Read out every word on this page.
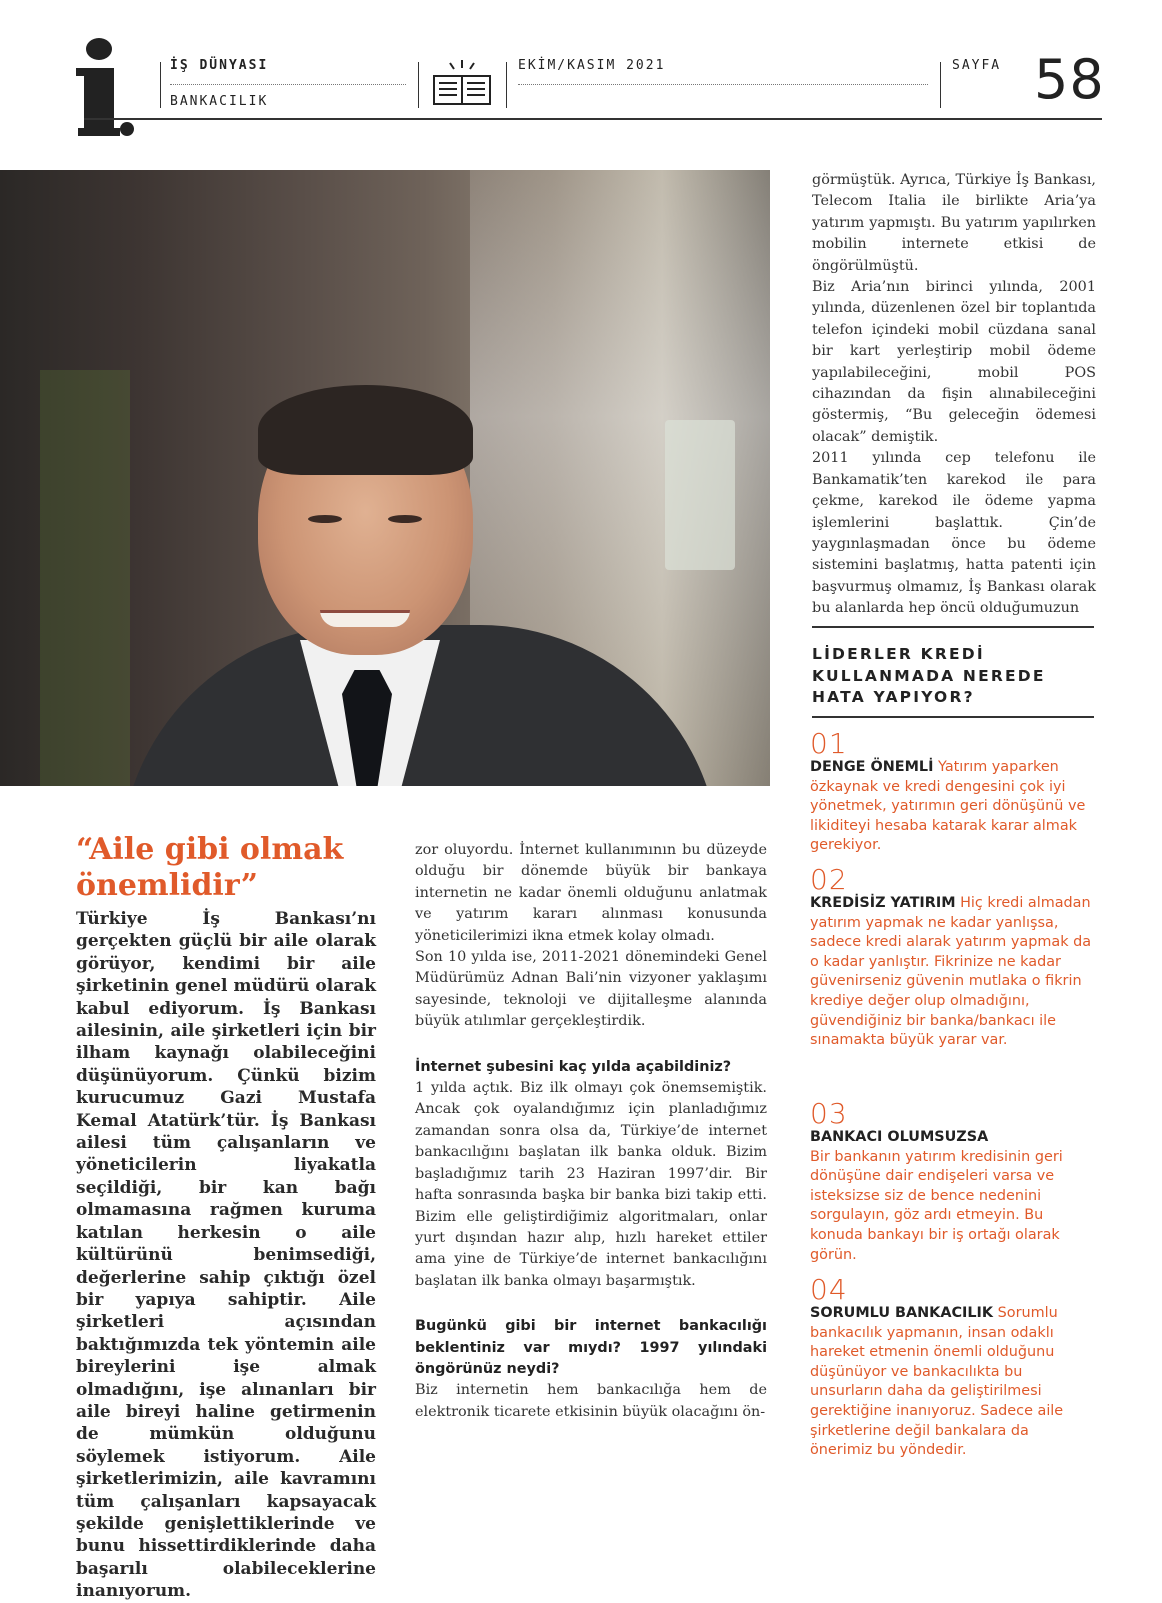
İŞ DÜNYASI
BANKACILIK
EKİM/KASIM 2021	SAYFA 58
“Aile gibi olmak önemlidir”
Türkiye İş Bankası’nı gerçekten güçlü bir aile olarak görüyor, kendimi bir aile şirketinin genel müdürü olarak kabul ediyorum. İş Bankası ailesinin, aile şirketleri için bir ilham kaynağı olabileceğini düşünüyorum. Çünkü bizim kurucumuz Gazi Mustafa Kemal Atatürk’tür. İş Bankası ailesi tüm çalışanların ve yöneticilerin liyakatla seçildiği, bir kan bağı olmamasına rağmen kuruma katılan herkesin o aile kültürünü benimsediği, değerlerine sahip çıktığı özel bir yapıya sahiptir. Aile şirketleri açısından baktığımızda tek yöntemin aile bireylerini işe almak olmadığını, işe alınanları bir aile bireyi haline getirmenin de mümkün olduğunu söylemek istiyorum. Aile şirketlerimizin, aile kavramını tüm çalışanları kapsayacak şekilde genişlettiklerinde ve bunu hissettirdiklerinde daha başarılı olabileceklerine inanıyorum.

zor oluyordu. İnternet kullanımının bu düzeyde olduğu bir dönemde büyük bir bankaya internetin ne kadar önemli olduğunu anlatmak ve yatırım kararı alınması konusunda yöneticilerimizi ikna etmek kolay olmadı.

Son 10 yılda ise, 2011-2021 dönemindeki Genel Müdürümüz Adnan Bali’nin vizyoner yaklaşımı sayesinde, teknoloji ve dijitalleşme alanında büyük atılımlar gerçekleştirdik.

İnternet şubesini kaç yılda açabildiniz?

1 yılda açtık. Biz ilk olmayı çok önemsemiştik. Ancak çok oyalandığımız için planladığımız zamandan sonra olsa da, Türkiye’de internet bankacılığını başlatan ilk banka olduk. Bizim başladığımız tarih 23 Haziran 1997’dir. Bir hafta sonrasında başka bir banka bizi takip etti. Bizim elle geliştirdiğimiz algoritmaları, onlar yurt dışından hazır alıp, hızlı hareket ettiler ama yine de Türkiye’de internet bankacılığını başlatan ilk banka olmayı başarmıştık.

Bugünkü gibi bir internet bankacılığı beklentiniz var mıydı? 1997 yılındaki öngörünüz neydi?

Biz internetin hem bankacılığa hem de elektronik ticarete etkisinin büyük olacağını ön-

görmüştük. Ayrıca, Türkiye İş Bankası, Telecom Italia ile birlikte Aria’ya yatırım yapmıştı. Bu yatırım yapılırken mobilin internete etkisi de öngörülmüştü.

Biz Aria’nın birinci yılında, 2001 yılında, düzenlenen özel bir toplantıda telefon içindeki mobil cüzdana sanal bir kart yerleştirip mobil ödeme yapılabileceğini, mobil POS cihazından da fişin alınabileceğini göstermiş, “Bu geleceğin ödemesi olacak” demiştik.

2011 yılında cep telefonu ile Bankamatik’ten karekod ile para çekme, karekod ile ödeme yapma işlemlerini başlattık. Çin’de yaygınlaşmadan önce bu ödeme sistemini başlatmış, hatta patenti için başvurmuş olmamız, İş Bankası olarak bu alanlarda hep öncü olduğumuzun

LİDERLER KREDİ KULLANMADA NEREDE HATA YAPIYOR?
01

DENGE ÖNEMLİ Yatırım yaparken özkaynak ve kredi dengesini çok iyi yönetmek, yatırımın geri dönüşünü ve likiditeyi hesaba katarak karar almak gerekiyor.

02

KREDİSİZ YATIRIM Hiç kredi almadan yatırım yapmak ne kadar yanlışsa, sadece kredi alarak yatırım yapmak da o kadar yanlıştır. Fikrinize ne kadar güvenirseniz güvenin mutlaka o fikrin krediye değer olup olmadığını, güvendiğiniz bir banka/bankacı ile sınamakta büyük yarar var.

03

BANKACI OLUMSUZSA
Bir bankanın yatırım kredisinin geri dönüşüne dair endişeleri varsa ve isteksizse siz de bence nedenini sorgulayın, göz ardı etmeyin. Bu konuda bankayı bir iş ortağı olarak görün.

04

SORUMLU BANKACILIK Sorumlu bankacılık yapmanın, insan odaklı hareket etmenin önemli olduğunu düşünüyor ve bankacılıkta bu unsurların daha da geliştirilmesi gerektiğine inanıyoruz. Sadece aile şirketlerine değil bankalara da önerimiz bu yöndedir.
